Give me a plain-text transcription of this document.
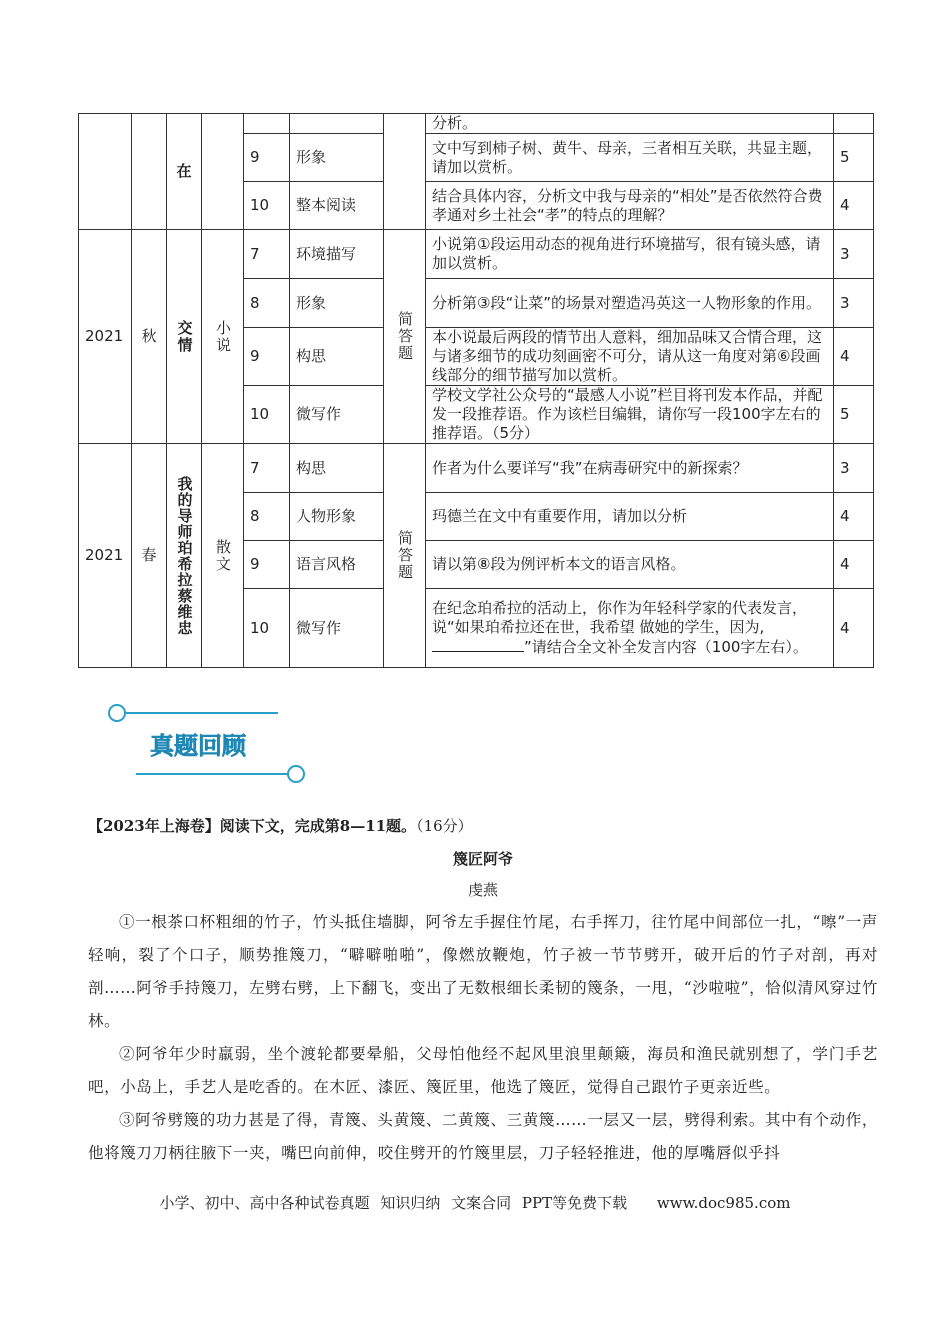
		在					分析。	
				9	形象		文中写到柿子树、黄牛、母亲，三者相互关联，共显主题，请加以赏析。	5
				10	整本阅读		结合具体内容，分析文中我与母亲的“相处”是否依然符合费孝通对乡土社会“孝”的特点的理解？	4
2021	秋	交情	小说	7	环境描写	简答题	小说第①段运用动态的视角进行环境描写，很有镜头感，请加以赏析。	3
				8	形象		分析第③段“让菜”的场景对塑造冯英这一人物形象的作用。	3
				9	构思		本小说最后两段的情节出人意料，细加品味又合情合理，这与诸多细节的成功刻画密不可分，请从这一角度对第⑥段画线部分的细节描写加以赏析。	4
				10	微写作		学校文学社公众号的“最感人小说”栏目将刊发本作品，并配发一段推荐语。作为该栏目编辑，请你写一段100字左右的推荐语。（5分）	5
2021	春	我的导师珀希拉蔡维忠	散文	7	构思	简答题	作者为什么要详写“我”在病毒研究中的新探索？	3
				8	人物形象		玛德兰在文中有重要作用，请加以分析	4
				9	语言风格		请以第⑧段为例评析本文的语言风格。	4
				10	微写作		在纪念珀希拉的活动上，你作为年轻科学家的代表发言，说“如果珀希拉还在世，我希望 做她的学生，因为,”请结合全文补全发言内容（100字左右）。	4
真题回顾

【2023年上海卷】阅读下文，完成第8—11题。（16分）

篾匠阿爷

虔燕

①一根茶口杯粗细的竹子，竹头抵住墙脚，阿爷左手握住竹尾，右手挥刀，往竹尾中间部位一扎，“嚓”一声轻响，裂了个口子，顺势推篾刀，“噼噼啪啪”，像燃放鞭炮，竹子被一节节劈开，破开后的竹子对剖，再对剖……阿爷手持篾刀，左劈右劈，上下翻飞，变出了无数根细长柔韧的篾条，一甩，“沙啦啦”，恰似清风穿过竹林。

②阿爷年少时羸弱，坐个渡轮都要晕船，父母怕他经不起风里浪里颠簸，海员和渔民就别想了，学门手艺吧，小岛上，手艺人是吃香的。在木匠、漆匠、篾匠里，他选了篾匠，觉得自己跟竹子更亲近些。

③阿爷劈篾的功力甚是了得，青篾、头黄篾、二黄篾、三黄篾……一层又一层，劈得利索。其中有个动作，他将篾刀刀柄往腋下一夹，嘴巴向前伸，咬住劈开的竹篾里层，刀子轻轻推进，他的厚嘴唇似乎抖

小学、初中、高中各种试卷真题 知识归纳 文案合同 PPT等免费下载 www.doc985.com
